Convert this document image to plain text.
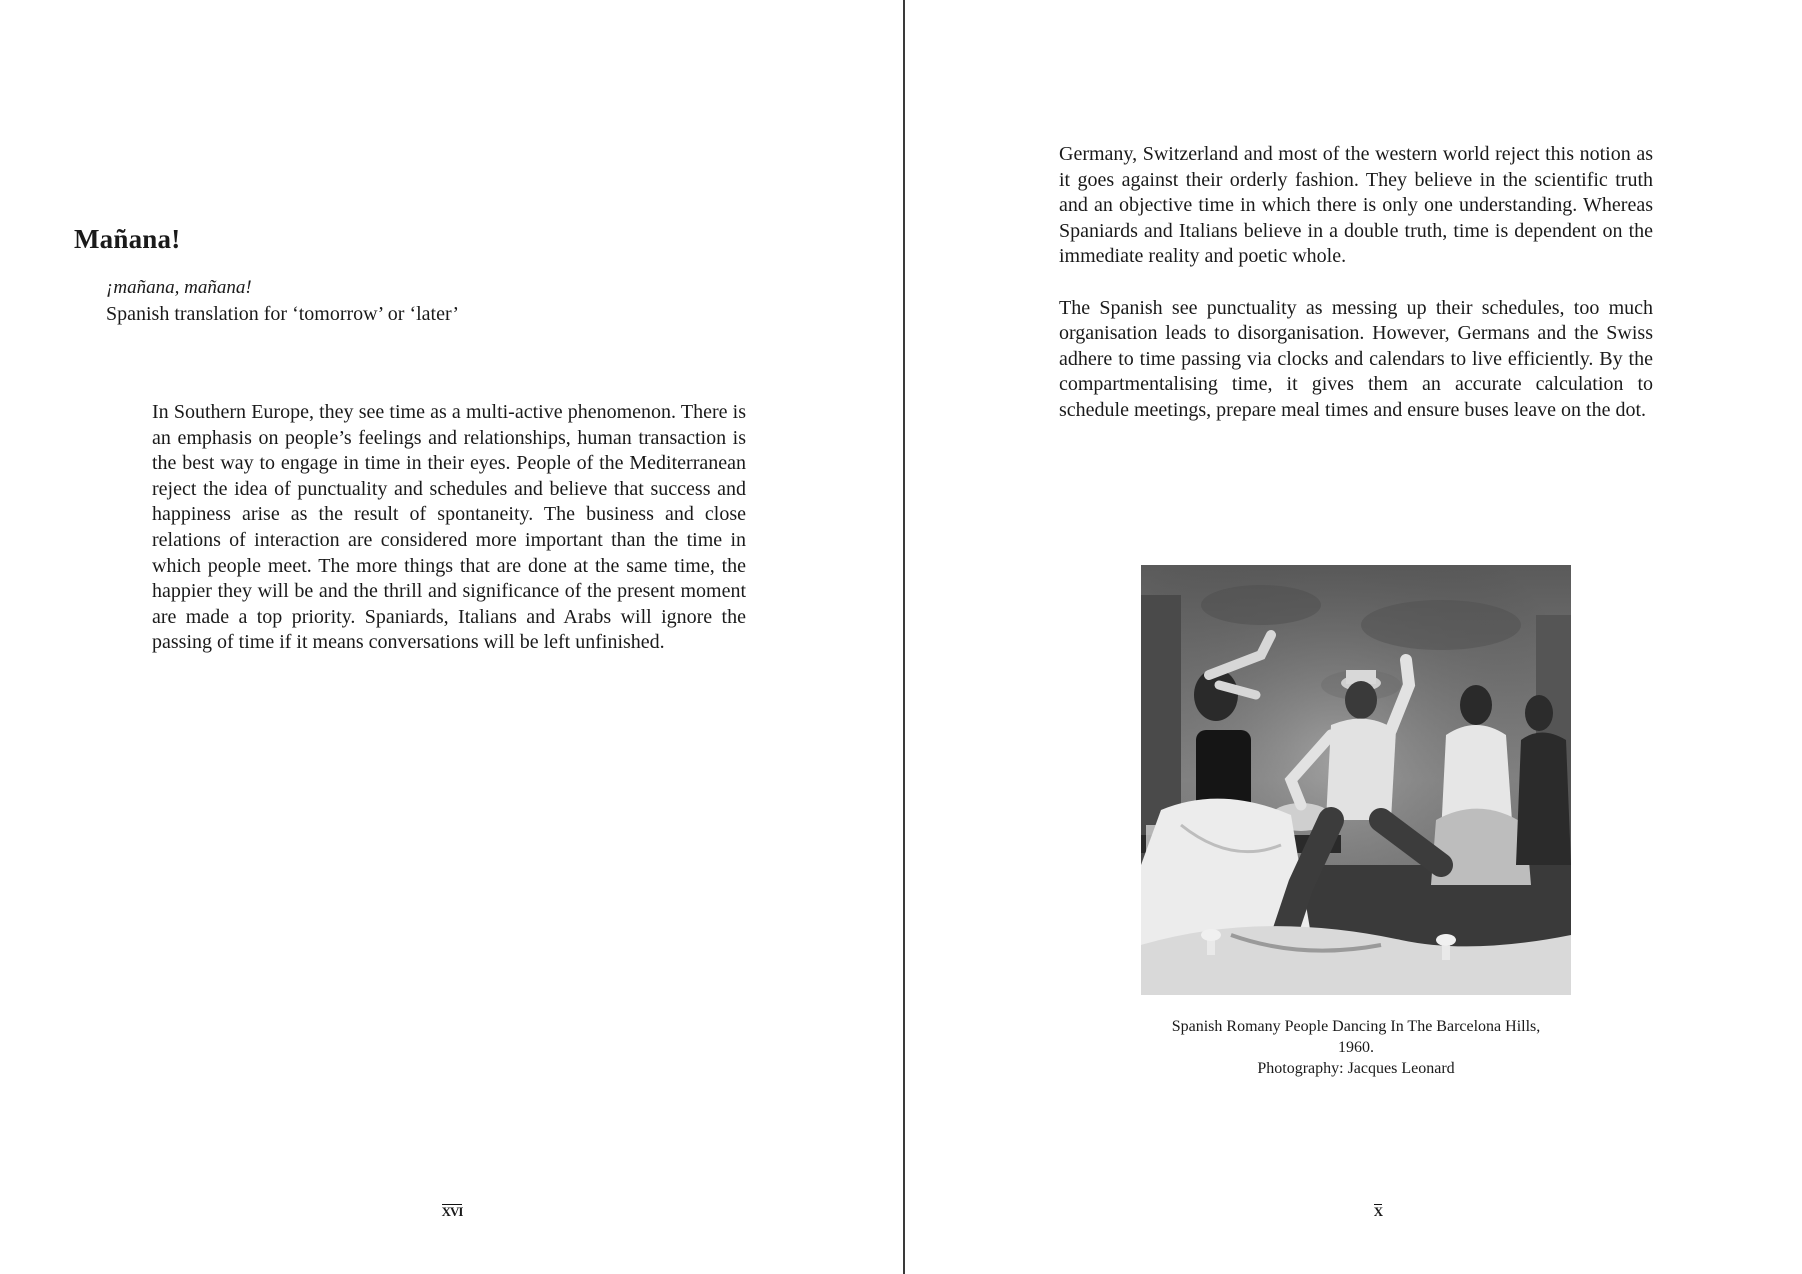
Mañana!
¡mañana, mañana!
Spanish translation for ‘tomorrow’ or ‘later’

In Southern Europe, they see time as a multi-active phenomenon. There is an emphasis on people’s feelings and relationships, human transaction is the best way to engage in time in their eyes. People of the Mediterranean reject the idea of punctuality and schedules and believe that success and happiness arise as the result of spontaneity. The business and close relations of interaction are considered more important than the time in which people meet. The more things that are done at the same time, the happier they will be and the thrill and significance of the present moment are made a top priority. Spaniards, Italians and Arabs will ignore the passing of time if it means conversations will be left unfinished.

XVI

Germany, Switzerland and most of the western world reject this notion as it goes against their orderly fashion. They believe in the scientific truth and an objective time in which there is only one understanding. Whereas Spaniards and Italians believe in a double truth, time is dependent on the immediate reality and poetic whole.

The Spanish see punctuality as messing up their schedules, too much organisation leads to disorganisation. However, Germans and the Swiss adhere to time passing via clocks and calendars to live efficiently. By the compartmentalising time, it gives them an accurate calculation to schedule meetings, prepare meal times and ensure buses leave on the dot.

Spanish Romany People Dancing In The Barcelona Hills,
1960.
Photography: Jacques Leonard
X
